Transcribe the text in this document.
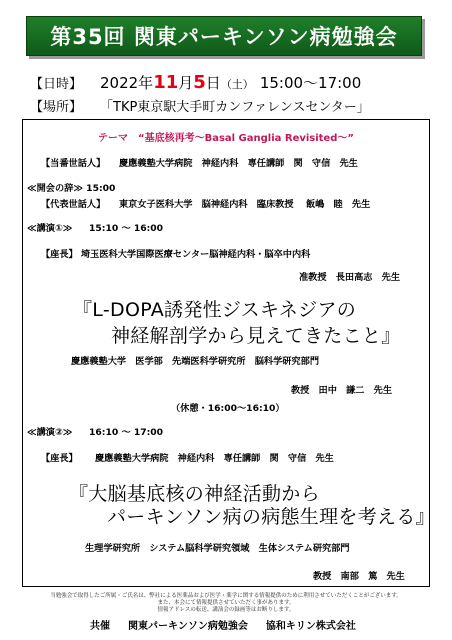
第35回 関東パーキンソン病勉強会
【日時】 2022年11月5日（土） 15:00～17:00
【場所】 「TKP東京駅大手町カンファレンスセンター」
テーマ　“基底核再考～Basal Ganglia Revisited～”
【当番世話人】 慶應義塾大学病院　神経内科　専任講師　関　守信　先生
≪開会の辞≫ 15:00
【代表世話人】 東京女子医科大学　脳神経内科　臨床教授　 飯嶋　睦　先生
≪講演①≫ 15:10 ～ 16:00
【座長】 埼玉医科大学国際医療センター脳神経内科・脳卒中内科
准教授　長田高志　先生
『L-DOPA誘発性ジスキネジアの
神経解剖学から見えてきたこと』
慶應義塾大学　医学部　先端医科学研究所　脳科学研究部門
教授　田中　謙二　先生
（休憩・16:00～16:10）
≪講演②≫ 16:10 ～ 17:00
【座長】 慶應義塾大学病院　神経内科　専任講師　関　守信　先生
『大脳基底核の神経活動から
パーキンソン病の病態生理を考える』
生理学研究所　システム脳科学研究領域　生体システム研究部門
教授　南部　篤　先生
当勉強会で取得したご所属・ご氏名は、弊社による医薬品および医学・薬学に関する情報提供のために利用させていただくことがございます。
また、本会にて情報提供させていただく事があります。
情報アドレスの転送、講演会の録画等はお断りします。
共催 関東パーキンソン病勉強会 協和キリン株式会社
